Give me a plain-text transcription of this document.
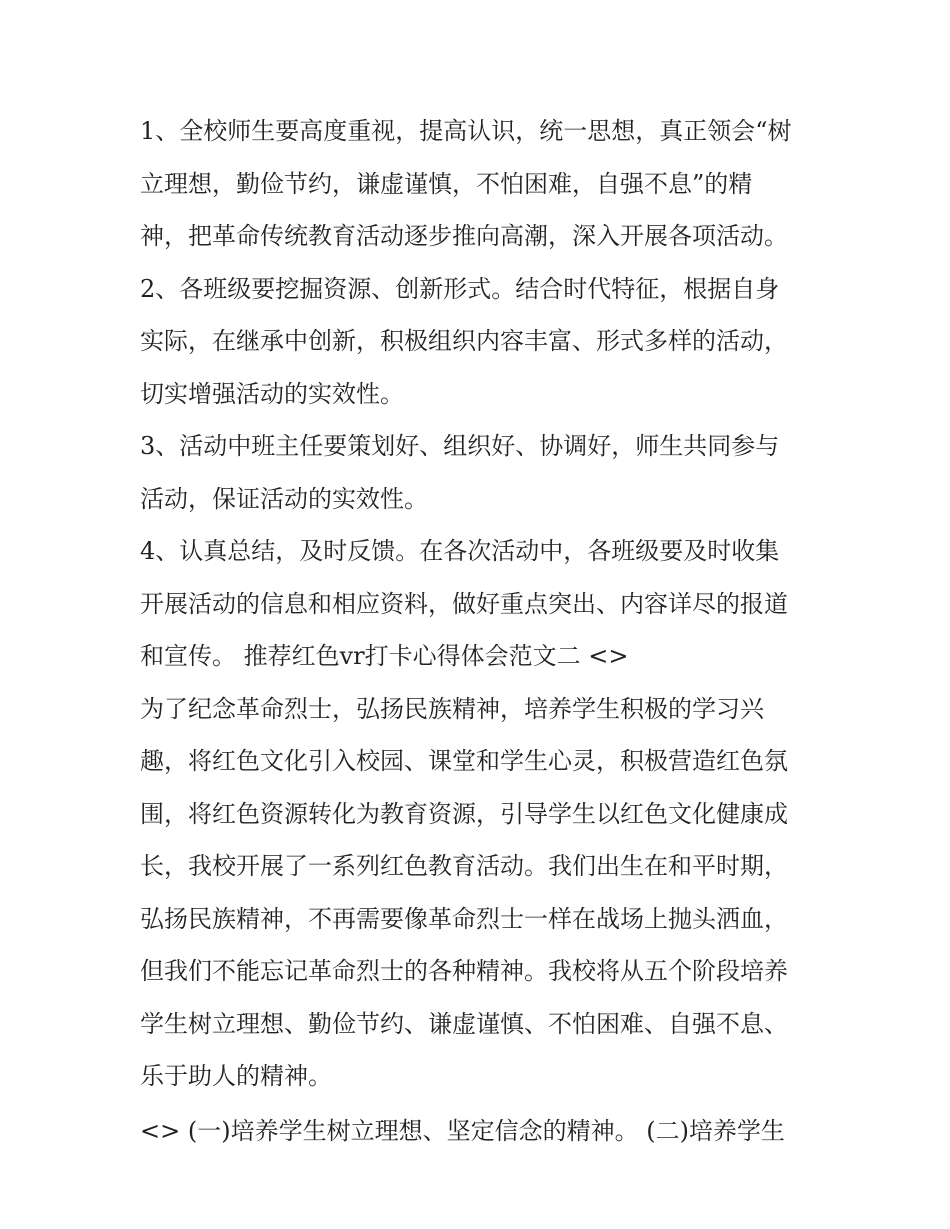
1、全校师生要高度重视，提高认识，统一思想，真正领会“树
立理想，勤俭节约，谦虚谨慎，不怕困难，自强不息”的精
神，把革命传统教育活动逐步推向高潮，深入开展各项活动。
2、各班级要挖掘资源、创新形式。结合时代特征，根据自身
实际，在继承中创新，积极组织内容丰富、形式多样的活动，
切实增强活动的实效性。
3、活动中班主任要策划好、组织好、协调好，师生共同参与
活动，保证活动的实效性。
4、认真总结，及时反馈。在各次活动中，各班级要及时收集
开展活动的信息和相应资料，做好重点突出、内容详尽的报道
和宣传。 推荐红色vr打卡心得体会范文二 <>
为了纪念革命烈士，弘扬民族精神，培养学生积极的学习兴
趣，将红色文化引入校园、课堂和学生心灵，积极营造红色氛
围，将红色资源转化为教育资源，引导学生以红色文化健康成
长，我校开展了一系列红色教育活动。我们出生在和平时期，
弘扬民族精神，不再需要像革命烈士一样在战场上抛头洒血，
但我们不能忘记革命烈士的各种精神。我校将从五个阶段培养
学生树立理想、勤俭节约、谦虚谨慎、不怕困难、自强不息、
乐于助人的精神。
<> (一)培养学生树立理想、坚定信念的精神。 (二)培养学生
